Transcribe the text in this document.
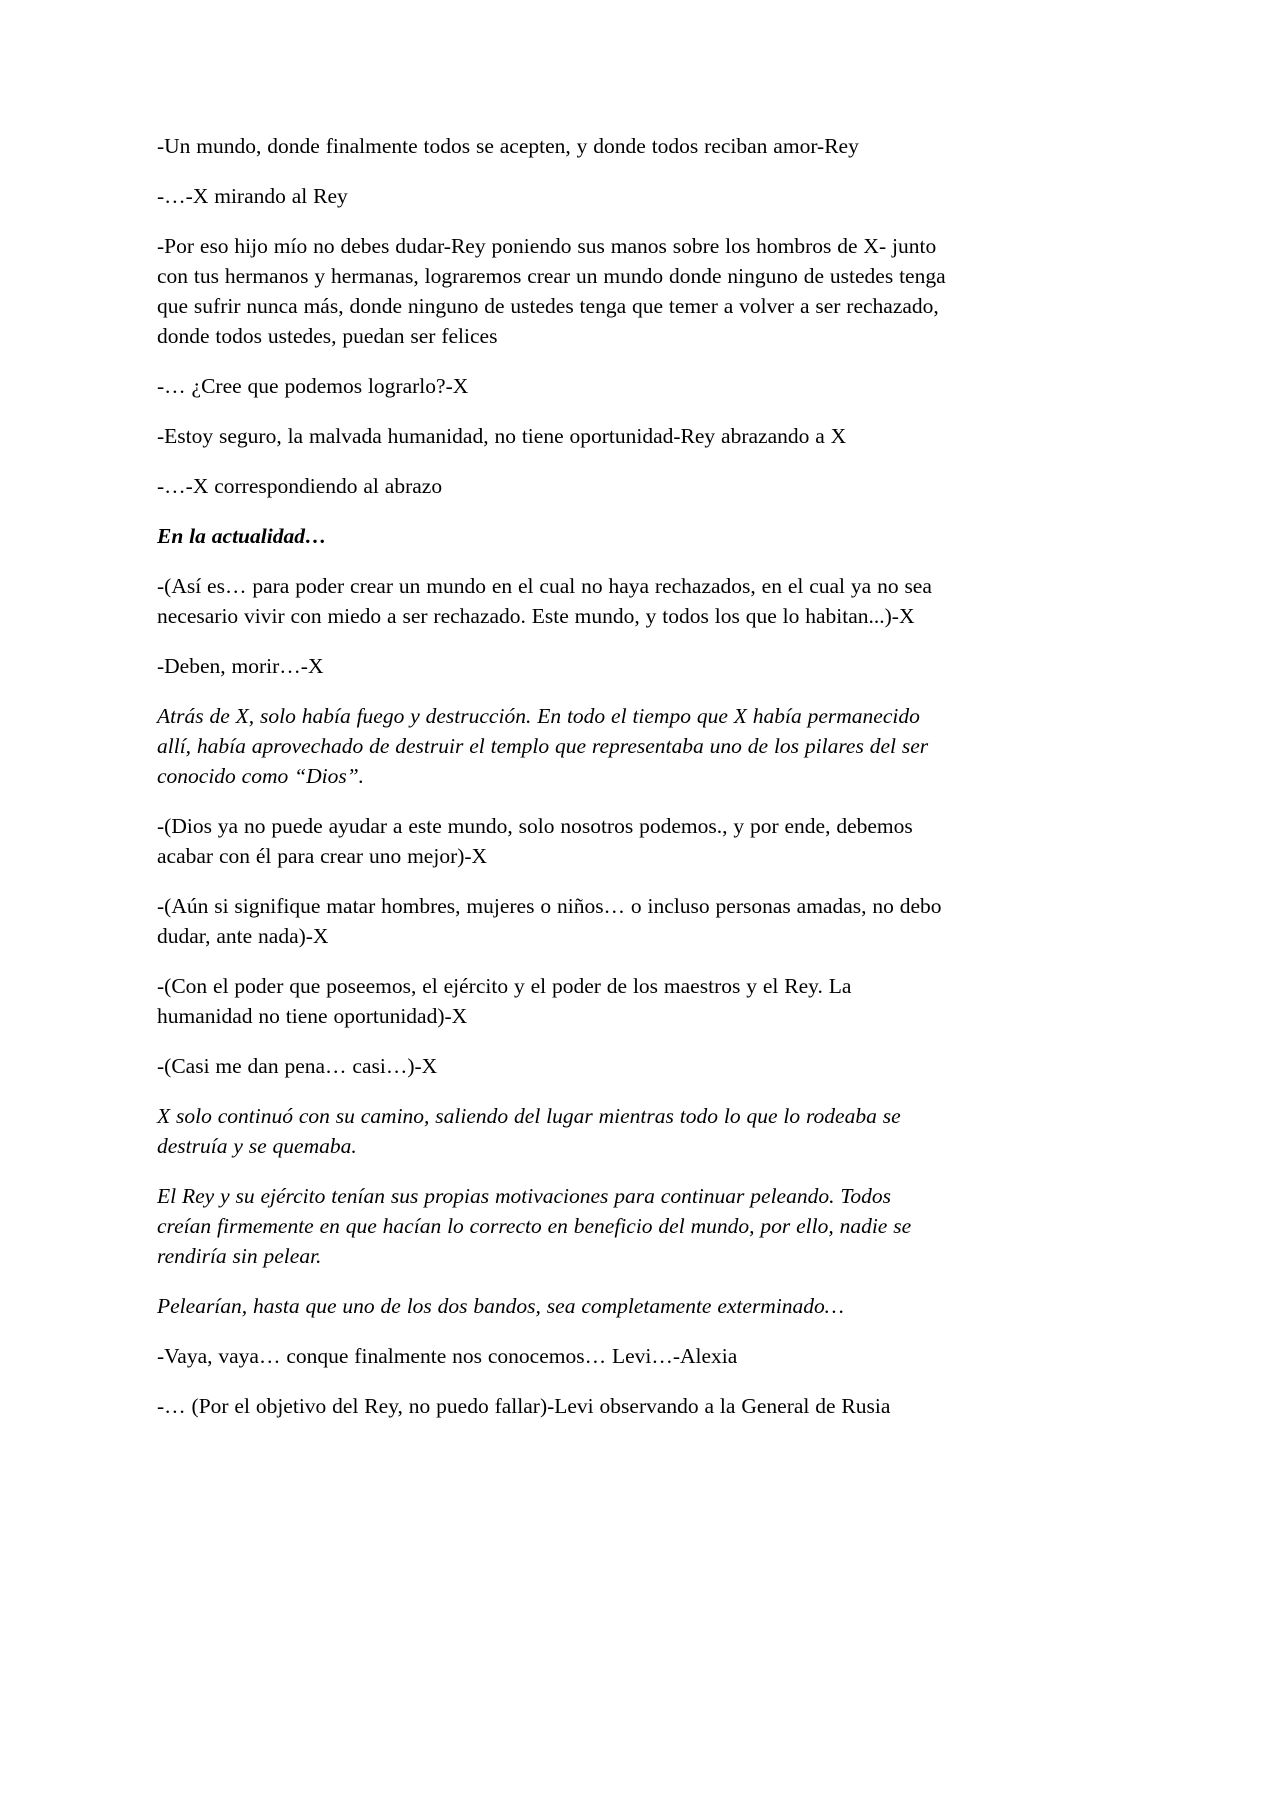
-Un mundo, donde finalmente todos se acepten, y donde todos reciban amor-Rey

-…-X mirando al Rey

-Por eso hijo mío no debes dudar-Rey poniendo sus manos sobre los hombros de X- junto con tus hermanos y hermanas, lograremos crear un mundo donde ninguno de ustedes tenga que sufrir nunca más, donde ninguno de ustedes tenga que temer a volver a ser rechazado, donde todos ustedes, puedan ser felices

-… ¿Cree que podemos lograrlo?-X

-Estoy seguro, la malvada humanidad, no tiene oportunidad-Rey abrazando a X

-…-X correspondiendo al abrazo

En la actualidad…

-(Así es… para poder crear un mundo en el cual no haya rechazados, en el cual ya no sea necesario vivir con miedo a ser rechazado. Este mundo, y todos los que lo habitan...)-X

-Deben, morir…-X

Atrás de X, solo había fuego y destrucción. En todo el tiempo que X había permanecido allí, había aprovechado de destruir el templo que representaba uno de los pilares del ser conocido como “Dios”.

-(Dios ya no puede ayudar a este mundo, solo nosotros podemos., y por ende, debemos acabar con él para crear uno mejor)-X

-(Aún si signifique matar hombres, mujeres o niños… o incluso personas amadas, no debo dudar, ante nada)-X

-(Con el poder que poseemos, el ejército y el poder de los maestros y el Rey. La humanidad no tiene oportunidad)-X

-(Casi me dan pena… casi…)-X

X solo continuó con su camino, saliendo del lugar mientras todo lo que lo rodeaba se destruía y se quemaba.

El Rey y su ejército tenían sus propias motivaciones para continuar peleando. Todos creían firmemente en que hacían lo correcto en beneficio del mundo, por ello, nadie se rendiría sin pelear.

Pelearían, hasta que uno de los dos bandos, sea completamente exterminado…

-Vaya, vaya… conque finalmente nos conocemos… Levi…-Alexia

-… (Por el objetivo del Rey, no puedo fallar)-Levi observando a la General de Rusia
